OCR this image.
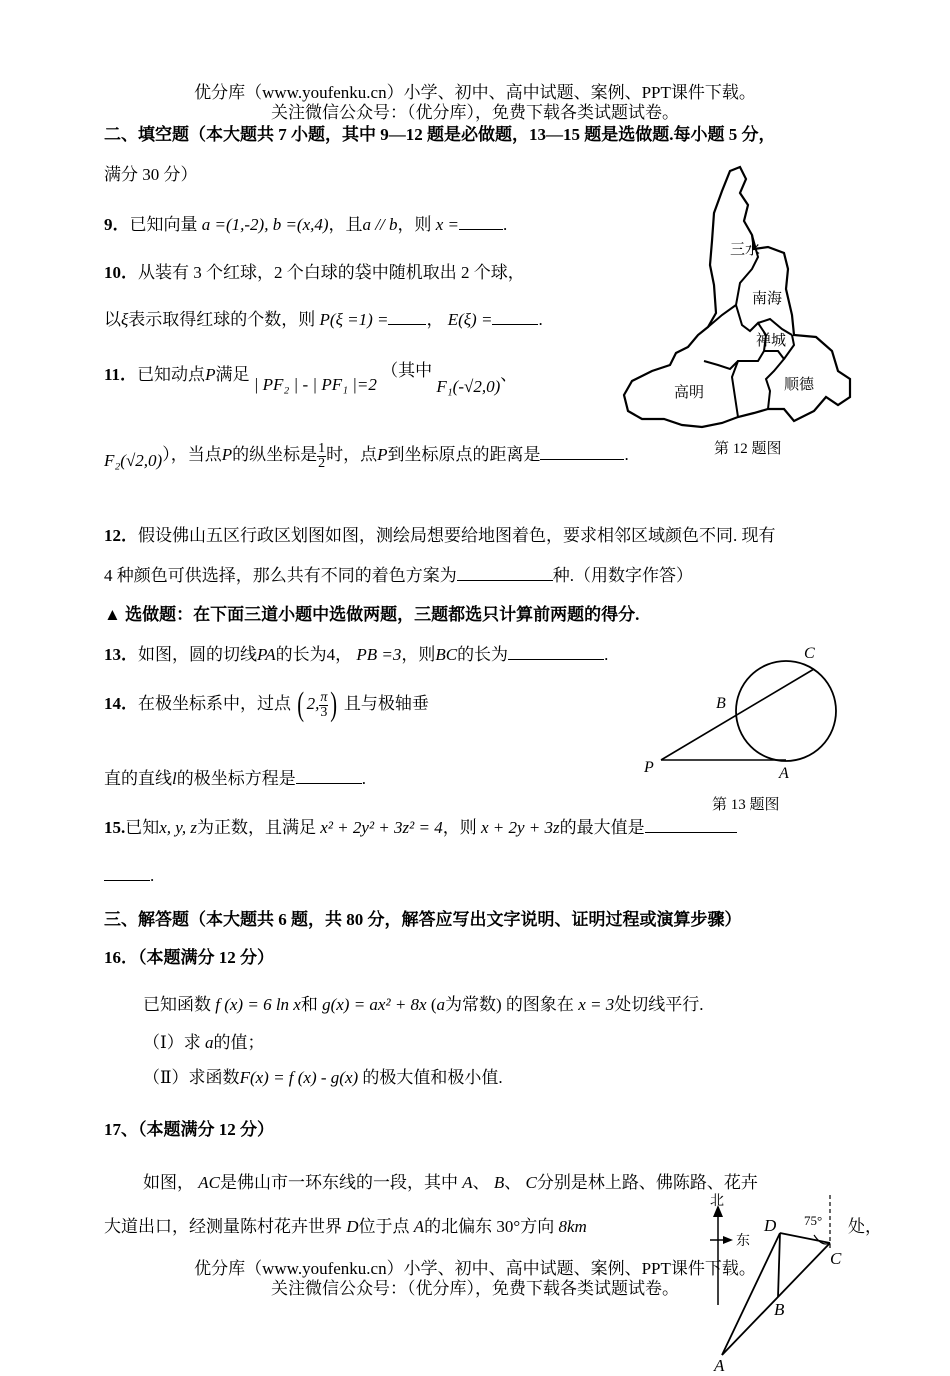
优分库（www.youfenku.cn）小学、初中、高中试题、案例、PPT课件下载。
关注微信公众号：（优分库），免费下载各类试题试卷。
二、填空题（本大题共 7 小题，其中 9—12 题是必做题，13—15 题是选做题.每小题 5 分，
满分 30 分）
9．已知向量 a =(1,-2), b =(x,4)，且a // b，则 x =	.
10．从装有 3 个红球，2 个白球的袋中随机取出 2 个球，
以ξ表示取得红球的个数，则 P(ξ =1) = ， E(ξ) =	.
11．已知动点P满足 | PF₂ | - | PF₁ |=2 （其中 F₁(-√2,0)、
F₂(√2,0)），当点P的纵坐标是 $\frac{1}{2}$ 时，点P到坐标原点的距离是	.
三水
南海
禅城
高明	顺德
第 12 题图
12．假设佛山五区行政区划图如图，测绘局想要给地图着色，要求相邻区域颜色不同. 现有
4 种颜色可供选择，那么共有不同的着色方案为	种.（用数字作答）
▲ 选做题：在下面三道小题中选做两题，三题都选只计算前两题的得分.
13．如图，圆的切线PA的长为4， PB =3，则BC的长为	.	C
B
P	A
第 13 题图
14．在极坐标系中，过点 ( 2, $\frac{\pi}{3}$ ) 且与极轴垂
直的直线l的极坐标方程是	.
15.已知x, y, z为正数，且满足 x² + 2y² + 3z² = 4，则 x + 2y + 3z的最大值是
.
三、解答题（本大题共 6 题，共 80 分，解答应写出文字说明、证明过程或演算步骤）
16．（本题满分 12 分）
已知函数 f (x) = 6 ln x和 g(x) = ax² + 8x (a为常数) 的图象在 x = 3处切线平行.
（Ⅰ）求 a的值；
（Ⅱ）求函数F(x) = f (x) - g(x) 的极大值和极小值.
17、（本题满分 12 分）
如图， AC是佛山市一环东线的一段，其中 A、 B、 C分别是林上路、佛陈路、花卉
大道出口，经测量陈村花卉世界 D位于点 A的北偏东 30°方向 8km	处，
北
东
75°
D
C
B
A
优分库（www.youfenku.cn）小学、初中、高中试题、案例、PPT课件下载。
关注微信公众号：（优分库），免费下载各类试题试卷。
